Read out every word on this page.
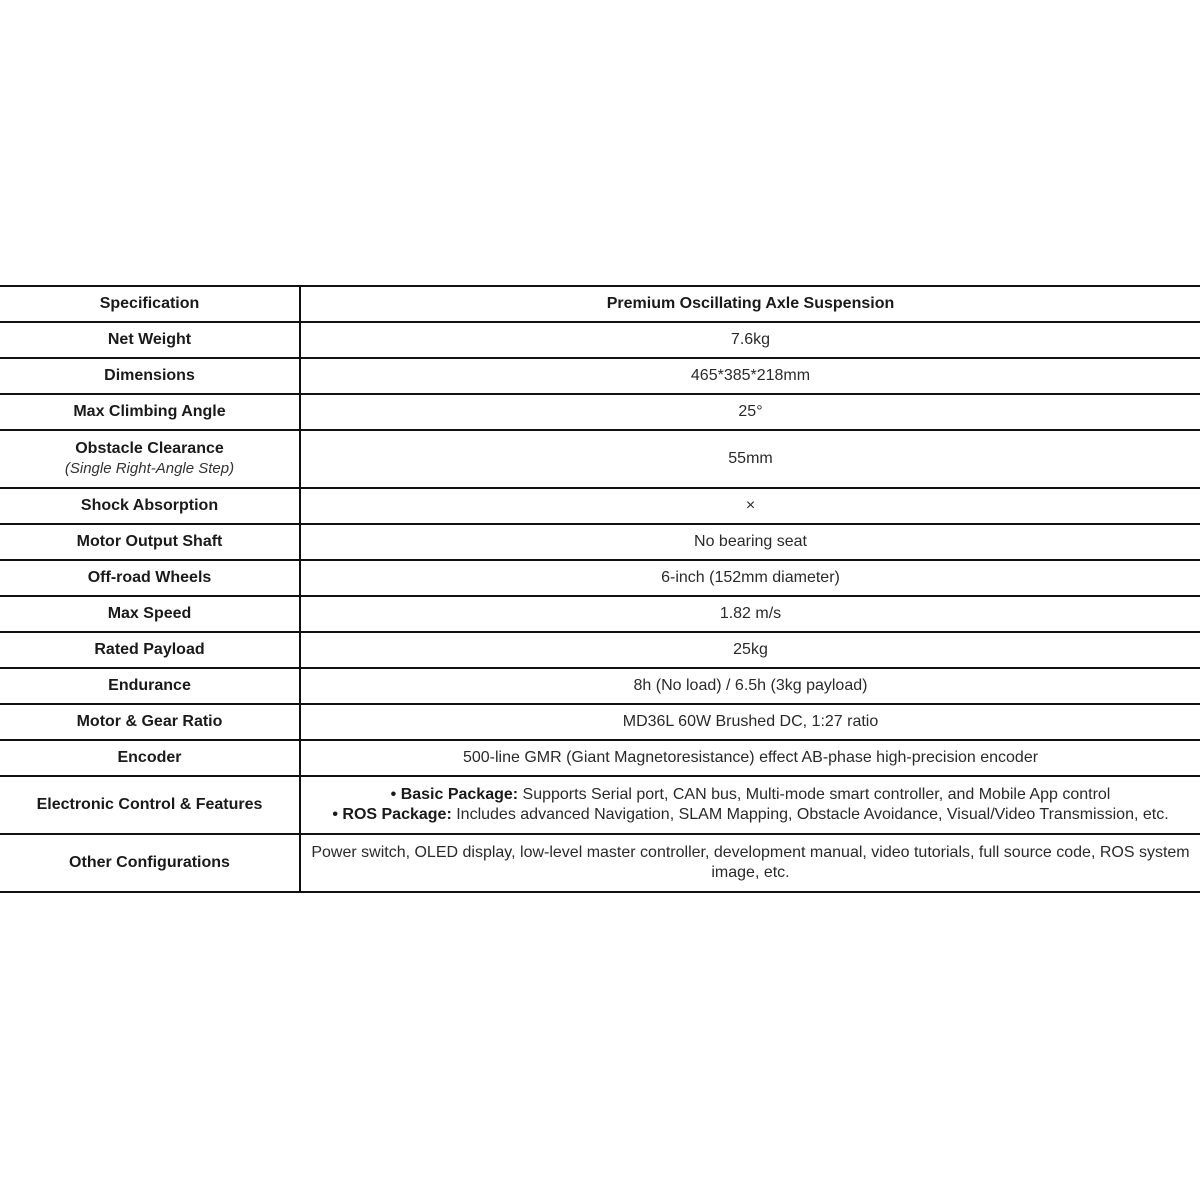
Specification	Premium Oscillating Axle Suspension
Net Weight	7.6kg
Dimensions	465*385*218mm
Max Climbing Angle	25°

Obstacle Clearance
(Single Right-Angle Step)	55mm
Shock Absorption	×
Motor Output Shaft	No bearing seat
Off-road Wheels	6-inch (152mm diameter)
Max Speed	1.82 m/s
Rated Payload	25kg
Endurance	8h (No load) / 6.5h (3kg payload)
Motor & Gear Ratio	MD36L 60W Brushed DC, 1:27 ratio
Encoder	500-line GMR (Giant Magnetoresistance) effect AB-phase high-precision encoder
Electronic Control & Features	• Basic Package: Supports Serial port, CAN bus, Multi-mode smart controller, and Mobile App control
• ROS Package: Includes advanced Navigation, SLAM Mapping, Obstacle Avoidance, Visual/Video Transmission, etc.

Other Configurations	Power switch, OLED display, low-level master controller, development manual, video tutorials, full source code, ROS system image, etc.
